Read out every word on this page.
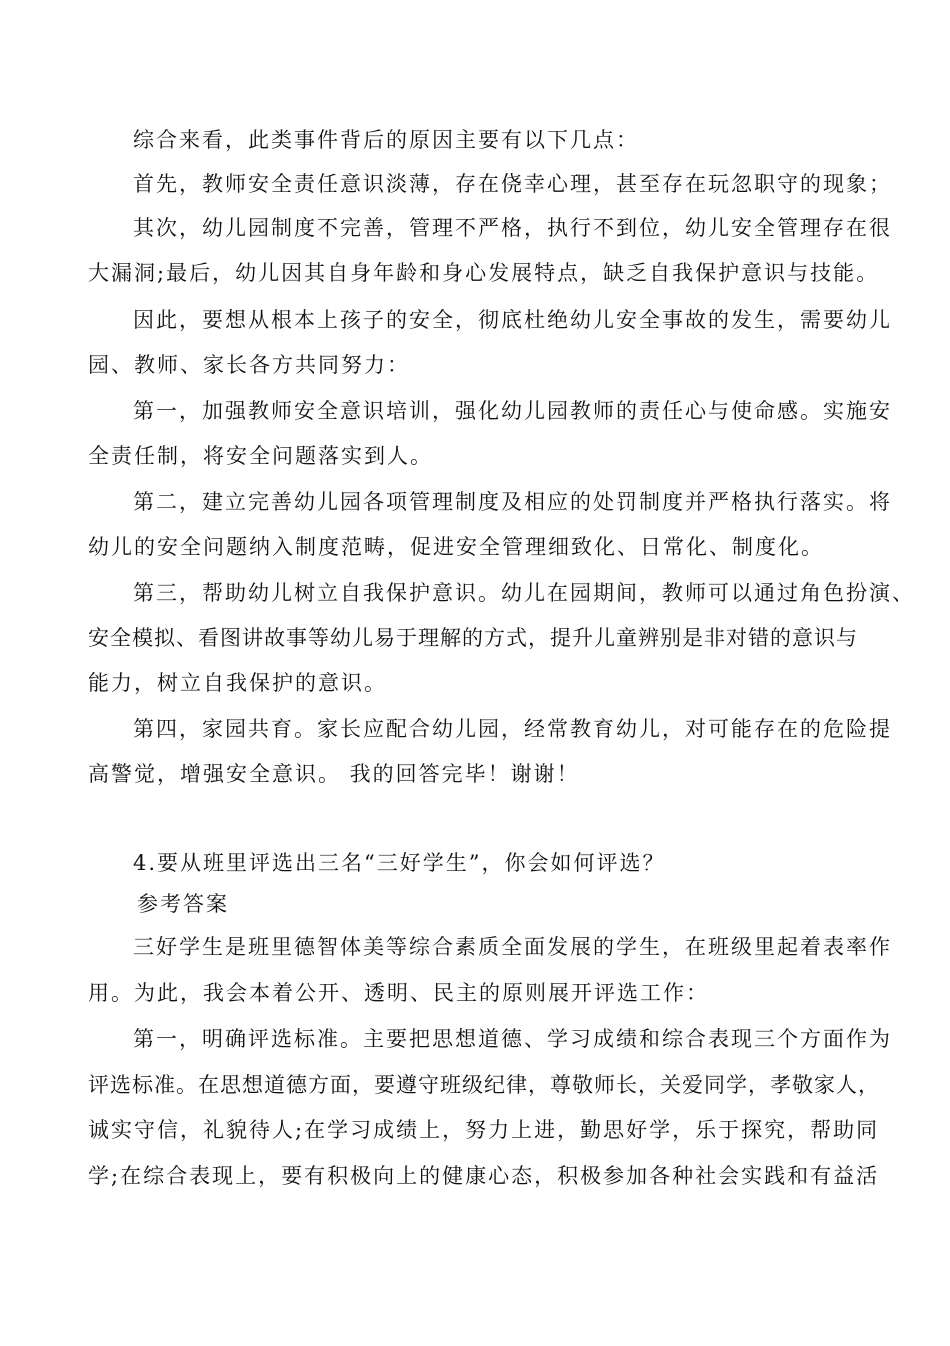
综合来看，此类事件背后的原因主要有以下几点：
首先，教师安全责任意识淡薄，存在侥幸心理，甚至存在玩忽职守的现象；
其次，幼儿园制度不完善，管理不严格，执行不到位，幼儿安全管理存在很
大漏洞;最后，幼儿因其自身年龄和身心发展特点，缺乏自我保护意识与技能。
因此，要想从根本上孩子的安全，彻底杜绝幼儿安全事故的发生，需要幼儿
园、教师、家长各方共同努力：
第一，加强教师安全意识培训，强化幼儿园教师的责任心与使命感。实施安
全责任制，将安全问题落实到人。
第二，建立完善幼儿园各项管理制度及相应的处罚制度并严格执行落实。将
幼儿的安全问题纳入制度范畴，促进安全管理细致化、日常化、制度化。
第三，帮助幼儿树立自我保护意识。幼儿在园期间，教师可以通过角色扮演、
安全模拟、看图讲故事等幼儿易于理解的方式，提升儿童辨别是非对错的意识与
能力，树立自我保护的意识。
第四，家园共育。家长应配合幼儿园，经常教育幼儿，对可能存在的危险提
高警觉，增强安全意识。 我的回答完毕！谢谢！
4.要从班里评选出三名“三好学生”，你会如何评选？
参考答案
三好学生是班里德智体美等综合素质全面发展的学生，在班级里起着表率作
用。为此，我会本着公开、透明、民主的原则展开评选工作：
第一，明确评选标准。主要把思想道德、学习成绩和综合表现三个方面作为
评选标准。在思想道德方面，要遵守班级纪律，尊敬师长，关爱同学，孝敬家人，
诚实守信，礼貌待人;在学习成绩上，努力上进，勤思好学，乐于探究，帮助同
学;在综合表现上，要有积极向上的健康心态，积极参加各种社会实践和有益活
